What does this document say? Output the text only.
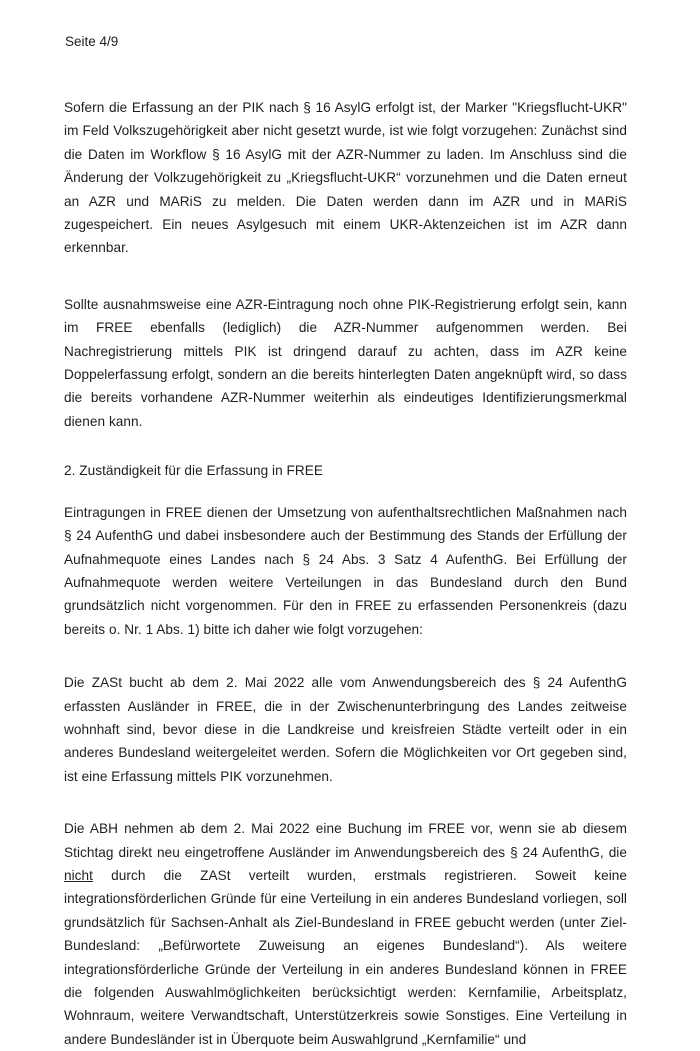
Seite 4/9

Sofern die Erfassung an der PIK nach § 16 AsylG erfolgt ist, der Marker "Kriegsflucht-UKR" im Feld Volkszugehörigkeit aber nicht gesetzt wurde, ist wie folgt vorzugehen: Zunächst sind die Daten im Workflow § 16 AsylG mit der AZR-Nummer zu laden. Im Anschluss sind die Änderung der Volkzugehörigkeit zu „Kriegsflucht-UKR“ vorzunehmen und die Daten erneut an AZR und MARiS zu melden. Die Daten werden dann im AZR und in MARiS zugespeichert. Ein neues Asylgesuch mit einem UKR-Aktenzeichen ist im AZR dann erkennbar.

Sollte ausnahmsweise eine AZR-Eintragung noch ohne PIK-Registrierung erfolgt sein, kann im FREE ebenfalls (lediglich) die AZR-Nummer aufgenommen werden. Bei Nachregistrierung mittels PIK ist dringend darauf zu achten, dass im AZR keine Doppelerfassung erfolgt, sondern an die bereits hinterlegten Daten angeknüpft wird, so dass die bereits vorhandene AZR-Nummer weiterhin als eindeutiges Identifizierungsmerkmal dienen kann.

2. Zuständigkeit für die Erfassung in FREE

Eintragungen in FREE dienen der Umsetzung von aufenthaltsrechtlichen Maßnahmen nach § 24 AufenthG und dabei insbesondere auch der Bestimmung des Stands der Erfüllung der Aufnahmequote eines Landes nach § 24 Abs. 3 Satz 4 AufenthG. Bei Erfüllung der Aufnahmequote werden weitere Verteilungen in das Bundesland durch den Bund grundsätzlich nicht vorgenommen. Für den in FREE zu erfassenden Personenkreis (dazu bereits o. Nr. 1 Abs. 1) bitte ich daher wie folgt vorzugehen:

Die ZASt bucht ab dem 2. Mai 2022 alle vom Anwendungsbereich des § 24 AufenthG erfassten Ausländer in FREE, die in der Zwischenunterbringung des Landes zeitweise wohnhaft sind, bevor diese in die Landkreise und kreisfreien Städte verteilt oder in ein anderes Bundesland weitergeleitet werden. Sofern die Möglichkeiten vor Ort gegeben sind, ist eine Erfassung mittels PIK vorzunehmen.

Die ABH nehmen ab dem 2. Mai 2022 eine Buchung im FREE vor, wenn sie ab diesem Stichtag direkt neu eingetroffene Ausländer im Anwendungsbereich des § 24 AufenthG, die nicht durch die ZASt verteilt wurden, erstmals registrieren. Soweit keine integrationsförderlichen Gründe für eine Verteilung in ein anderes Bundesland vorliegen, soll grundsätzlich für Sachsen-Anhalt als Ziel-Bundesland in FREE gebucht werden (unter Ziel-Bundesland: „Befürwortete Zuweisung an eigenes Bundesland“). Als weitere integrationsförderliche Gründe der Verteilung in ein anderes Bundesland können in FREE die folgenden Auswahlmöglichkeiten berücksichtigt werden: Kernfamilie, Arbeitsplatz, Wohnraum, weitere Verwandtschaft, Unterstützerkreis sowie Sonstiges. Eine Verteilung in andere Bundesländer ist in Überquote beim Auswahlgrund „Kernfamilie“ und
